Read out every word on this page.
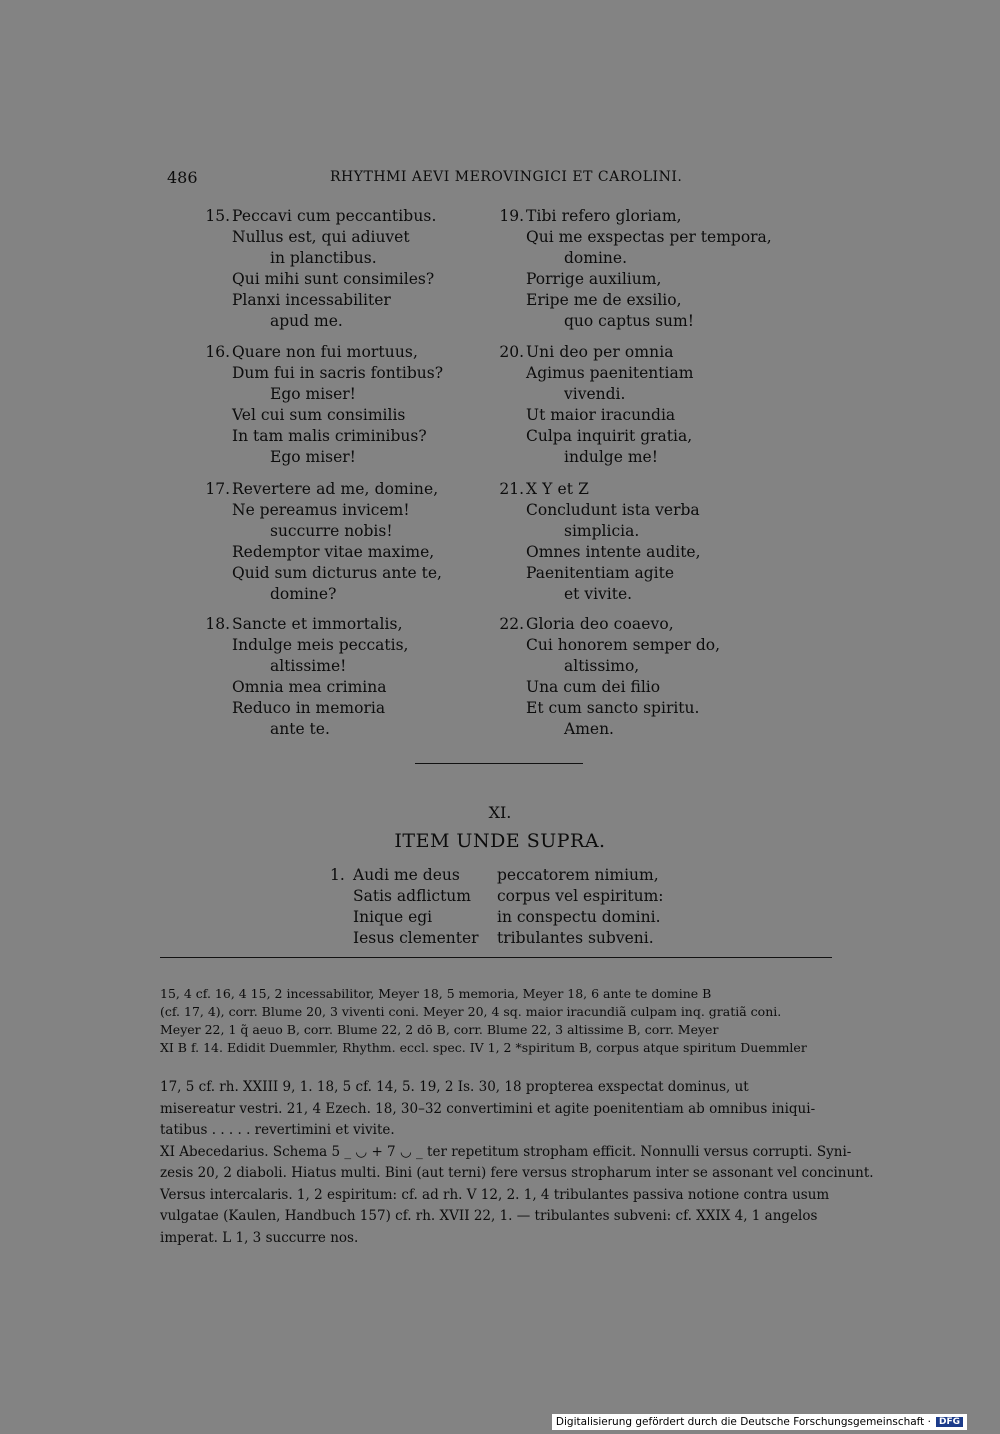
486	RHYTHMI AEVI MEROVINGICI ET CAROLINI.
15. Peccavi cum peccantibus.
Nullus est, qui adiuvet
in planctibus.
Qui mihi sunt consimiles?
Planxi incessabiliter
apud me.
16. Quare non fui mortuus,
Dum fui in sacris fontibus?
Ego miser!
Vel cui sum consimilis
In tam malis criminibus?
Ego miser!
17. Revertere ad me, domine,
Ne pereamus invicem!
succurre nobis!
Redemptor vitae maxime,
Quid sum dicturus ante te,
domine?
18. Sancte et immortalis,
Indulge meis peccatis,
altissime!
Omnia mea crimina
Reduco in memoria
ante te.
19. Tibi refero gloriam,
Qui me exspectas per tempora,
domine.
Porrige auxilium,
Eripe me de exsilio,
quo captus sum!
20. Uni deo per omnia
Agimus paenitentiam
vivendi.
Ut maior iracundia
Culpa inquirit gratia,
indulge me!
21. X Y et Z
Concludunt ista verba
simplicia.
Omnes intente audite,
Paenitentiam agite
et vivite.
22. Gloria deo coaevo,
Cui honorem semper do,
altissimo,
Una cum dei filio
Et cum sancto spiritu.
Amen.
XI.
ITEM UNDE SUPRA.
1. Audi me deus
Satis adflictum
Inique egi
Iesus clementer
peccatorem nimium,
corpus vel espiritum:
in conspectu domini.
tribulantes subveni.
15, 4 cf. 16, 4 15, 2 incessabilitor, Meyer 18, 5 memoria, Meyer 18, 6 ante te domine B
(cf. 17, 4), corr. Blume 20, 3 viventi coni. Meyer 20, 4 sq. maior iracundiã culpam inq. gratiã coni.
Meyer 22, 1 q̃ aeuo B, corr. Blume 22, 2 dō B, corr. Blume 22, 3 altissime B, corr. Meyer
XI B f. 14. Edidit Duemmler, Rhythm. eccl. spec. IV 1, 2 *spiritum B, corpus atque spiritum Duemmler
17, 5 cf. rh. XXIII 9, 1. 18, 5 cf. 14, 5. 19, 2 Is. 30, 18 propterea exspectat dominus, ut
misereatur vestri. 21, 4 Ezech. 18, 30–32 convertimini et agite poenitentiam ab omnibus iniqui-
tatibus . . . . . revertimini et vivite.
XI Abecedarius. Schema 5 _ ◡ + 7 ◡ _ ter repetitum stropham efficit. Nonnulli versus corrupti. Syni-
zesis 20, 2 diaboli. Hiatus multi. Bini (aut terni) fere versus stropharum inter se assonant vel concinunt.
Versus intercalaris. 1, 2 espiritum: cf. ad rh. V 12, 2. 1, 4 tribulantes passiva notione contra usum
vulgatae (Kaulen, Handbuch 157) cf. rh. XVII 22, 1. — tribulantes subveni: cf. XXIX 4, 1 angelos
imperat. L 1, 3 succurre nos.
Digitalisierung gefördert durch die Deutsche Forschungsgemeinschaft · DFG
